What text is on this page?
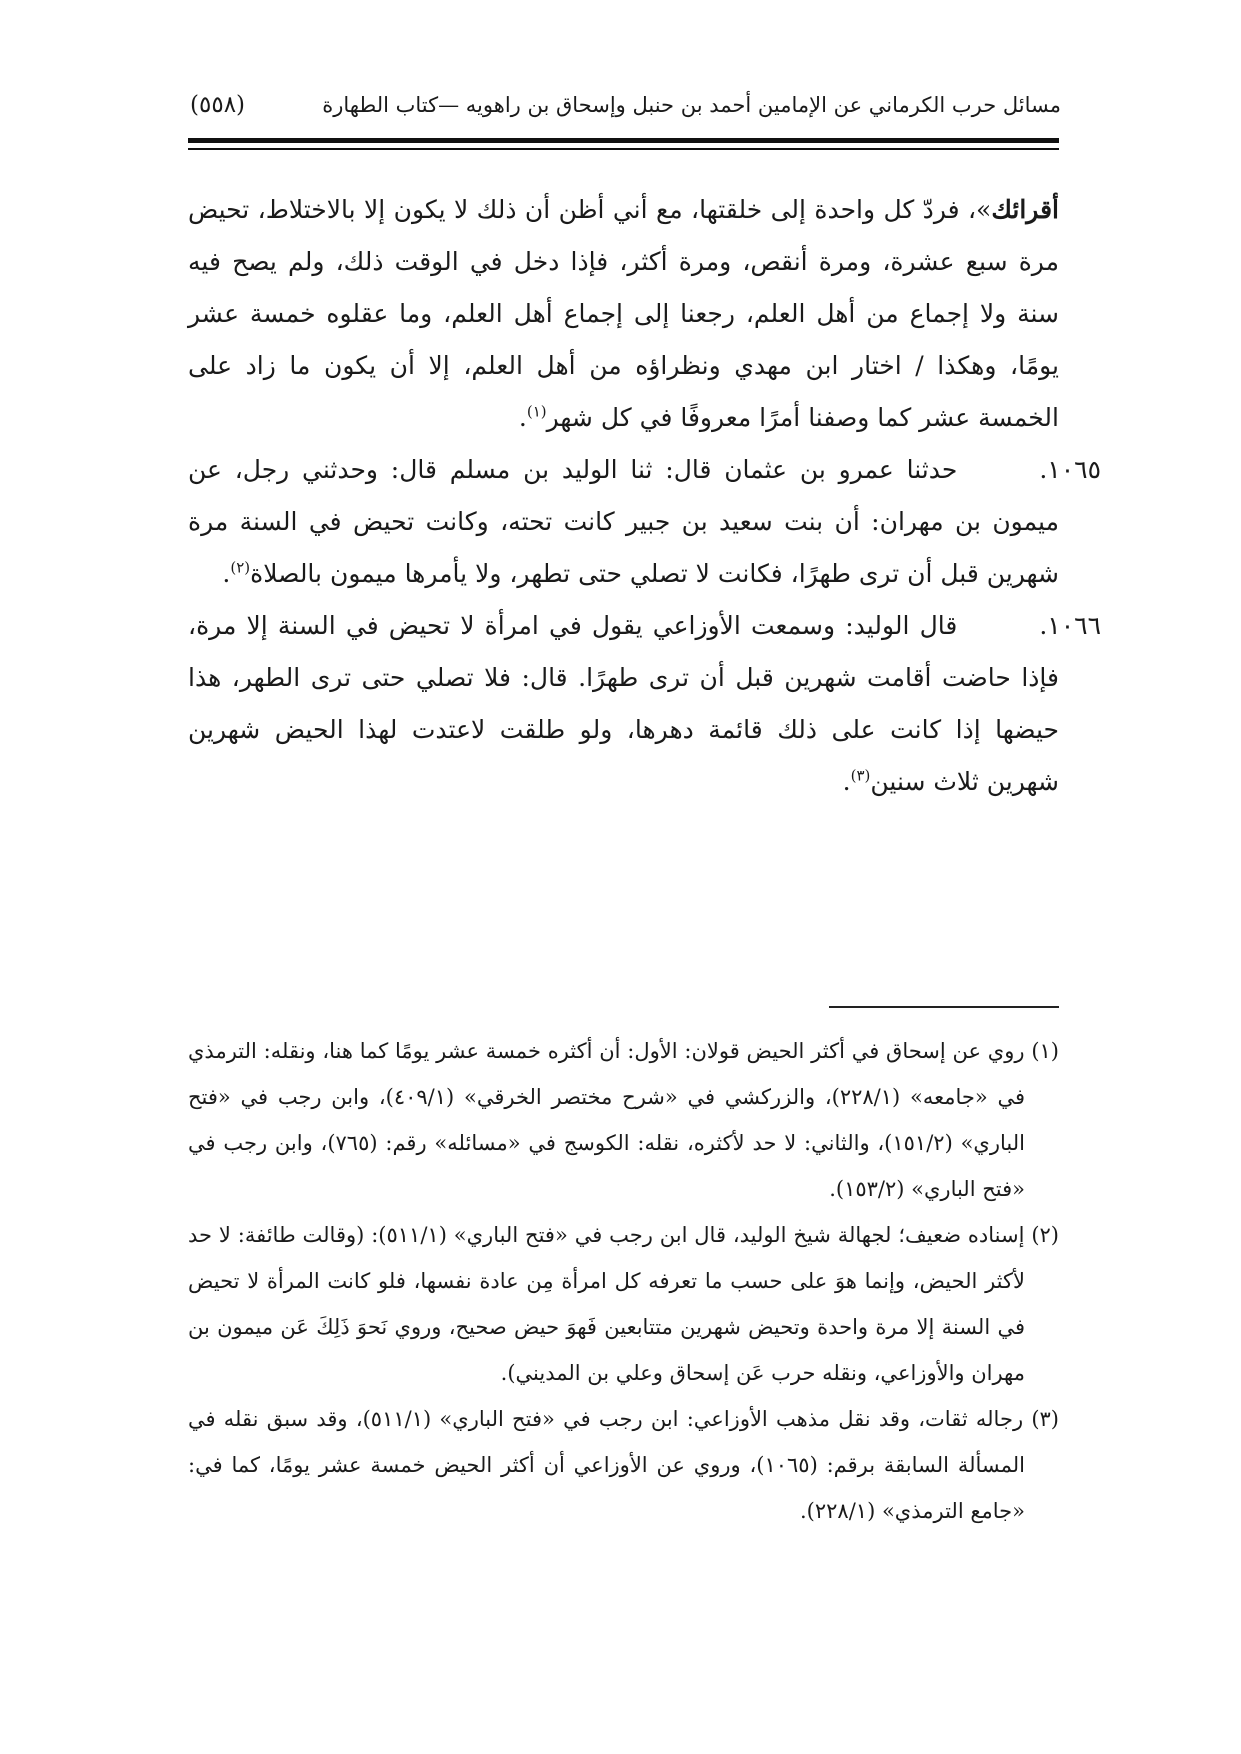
مسائل حرب الكرماني عن الإمامين أحمد بن حنبل وإسحاق بن راهويه —كتاب الطهارة
(٥٥٨)

أقرائك»، فردّ كل واحدة إلى خلقتها، مع أني أظن أن ذلك لا يكون إلا بالاختلاط، تحيض مرة سبع عشرة، ومرة أنقص، ومرة أكثر، فإذا دخل في الوقت ذلك، ولم يصح فيه سنة ولا إجماع من أهل العلم، رجعنا إلى إجماع أهل العلم، وما عقلوه خمسة عشر يومًا، وهكذا / اختار ابن مهدي ونظراؤه من أهل العلم، إلا أن يكون ما زاد على الخمسة عشر كما وصفنا أمرًا معروفًا في كل شهر$^{(١)}$.

١٠٦٥.حدثنا عمرو بن عثمان قال: ثنا الوليد بن مسلم قال: وحدثني رجل، عن ميمون بن مهران: أن بنت سعيد بن جبير كانت تحته، وكانت تحيض في السنة مرة شهرين قبل أن ترى طهرًا، فكانت لا تصلي حتى تطهر، ولا يأمرها ميمون بالصلاة$^{(٢)}$.

١٠٦٦.قال الوليد: وسمعت الأوزاعي يقول في امرأة لا تحيض في السنة إلا مرة، فإذا حاضت أقامت شهرين قبل أن ترى طهرًا. قال: فلا تصلي حتى ترى الطهر، هذا حيضها إذا كانت على ذلك قائمة دهرها، ولو طلقت لاعتدت لهذا الحيض شهرين شهرين ثلاث سنين$^{(٣)}$.

(١) روي عن إسحاق في أكثر الحيض قولان: الأول: أن أكثره خمسة عشر يومًا كما هنا، ونقله: الترمذي في «جامعه» (٢٢٨/١)، والزركشي في «شرح مختصر الخرقي» (٤٠٩/١)، وابن رجب في «فتح الباري» (١٥١/٢)، والثاني: لا حد لأكثره، نقله: الكوسج في «مسائله» رقم: (٧٦٥)، وابن رجب في «فتح الباري» (١٥٣/٢).

(٢) إسناده ضعيف؛ لجهالة شيخ الوليد، قال ابن رجب في «فتح الباري» (٥١١/١): (وقالت طائفة: لا حد لأكثر الحيض، وإنما هوَ على حسب ما تعرفه كل امرأة مِن عادة نفسها، فلو كانت المرأة لا تحيض في السنة إلا مرة واحدة وتحيض شهرين متتابعين فَهوَ حيض صحيح، وروي نَحوَ ذَلِكَ عَن ميمون بن مهران والأوزاعي، ونقله حرب عَن إسحاق وعلي بن المديني).

(٣) رجاله ثقات، وقد نقل مذهب الأوزاعي: ابن رجب في «فتح الباري» (٥١١/١)، وقد سبق نقله في المسألة السابقة برقم: (١٠٦٥)، وروي عن الأوزاعي أن أكثر الحيض خمسة عشر يومًا، كما في: «جامع الترمذي» (٢٢٨/١).
